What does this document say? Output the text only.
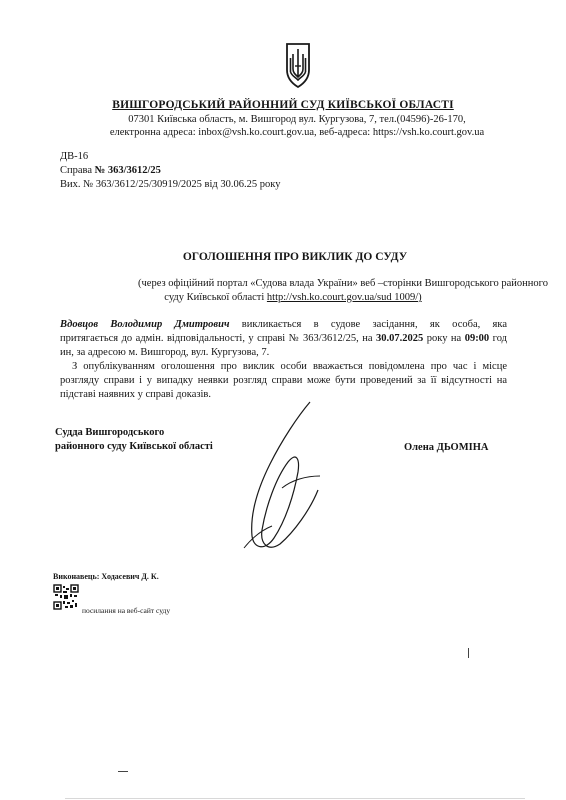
ВИШГОРОДСЬКИЙ РАЙОННИЙ СУД КИЇВСЬКОЇ ОБЛАСТІ
07301 Київська область, м. Вишгород вул. Кургузова, 7, тел.(04596)-26-170,
електронна адреса: inbox@vsh.ko.court.gov.ua, веб-адреса: https://vsh.ko.court.gov.ua
ДВ-16
Справа № 363/3612/25
Вих. № 363/3612/25/30919/2025 від 30.06.25 року
ОГОЛОШЕННЯ ПРО ВИКЛИК ДО СУДУ
(через офіційний портал «Судова влада України» веб –сторінки Вишгородського районного
суду Київської області http://vsh.ko.court.gov.ua/sud 1009/)
Вдовцов Володимир Дмитрович викликається в судове засідання, як особа, яка
притягається до адмін. відповідальності, у справі № 363/3612/25, на 30.07.2025 року на 09:00 год
ин, за адресою м. Вишгород, вул. Кургузова, 7.
З опублікуванням оголошення про виклик особи вважається повідомлена про час і місце
розгляду справи і у випадку неявки розгляд справи може бути проведений за її відсутності на
підставі наявних у справі доказів.
Судда Вишгородського
районного суду Київської області	Олена ДЬОМІНА
Виконавець: Ходасевич Д. К.
посилання на веб-сайт суду
